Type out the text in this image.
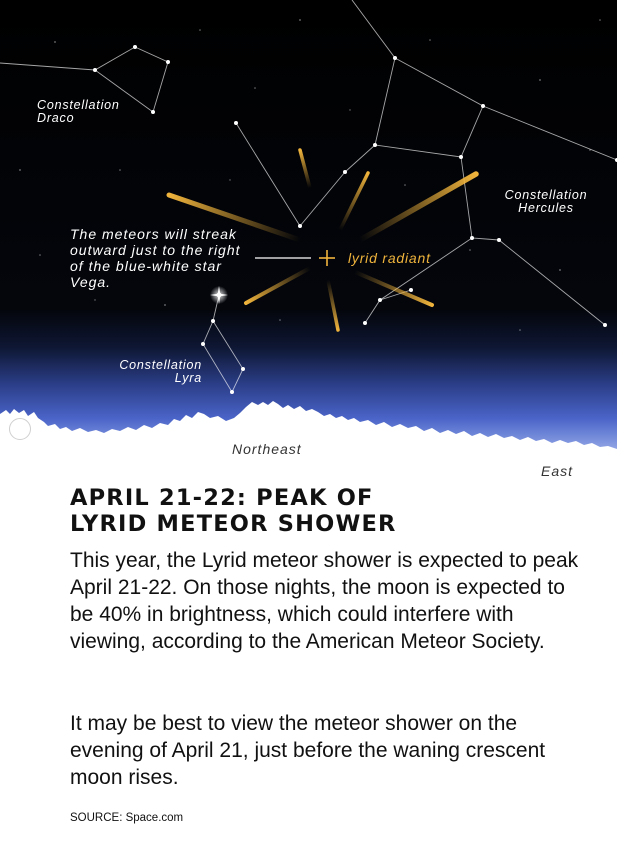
Constellation
Draco
Constellation
Hercules
Constellation
Lyra
The meteors will streak outward just to the right of the blue-white star Vega.
lyrid radiant
Northeast
East
APRIL 21-22: PEAK OF
LYRID METEOR SHOWER

This year, the Lyrid meteor shower is expected to peak April 21-22. On those nights, the moon is expected to be 40% in brightness, which could interfere with viewing, according to the American Meteor Society.

It may be best to view the meteor shower on the evening of April 21, just before the waning crescent moon rises.

SOURCE: Space.com
